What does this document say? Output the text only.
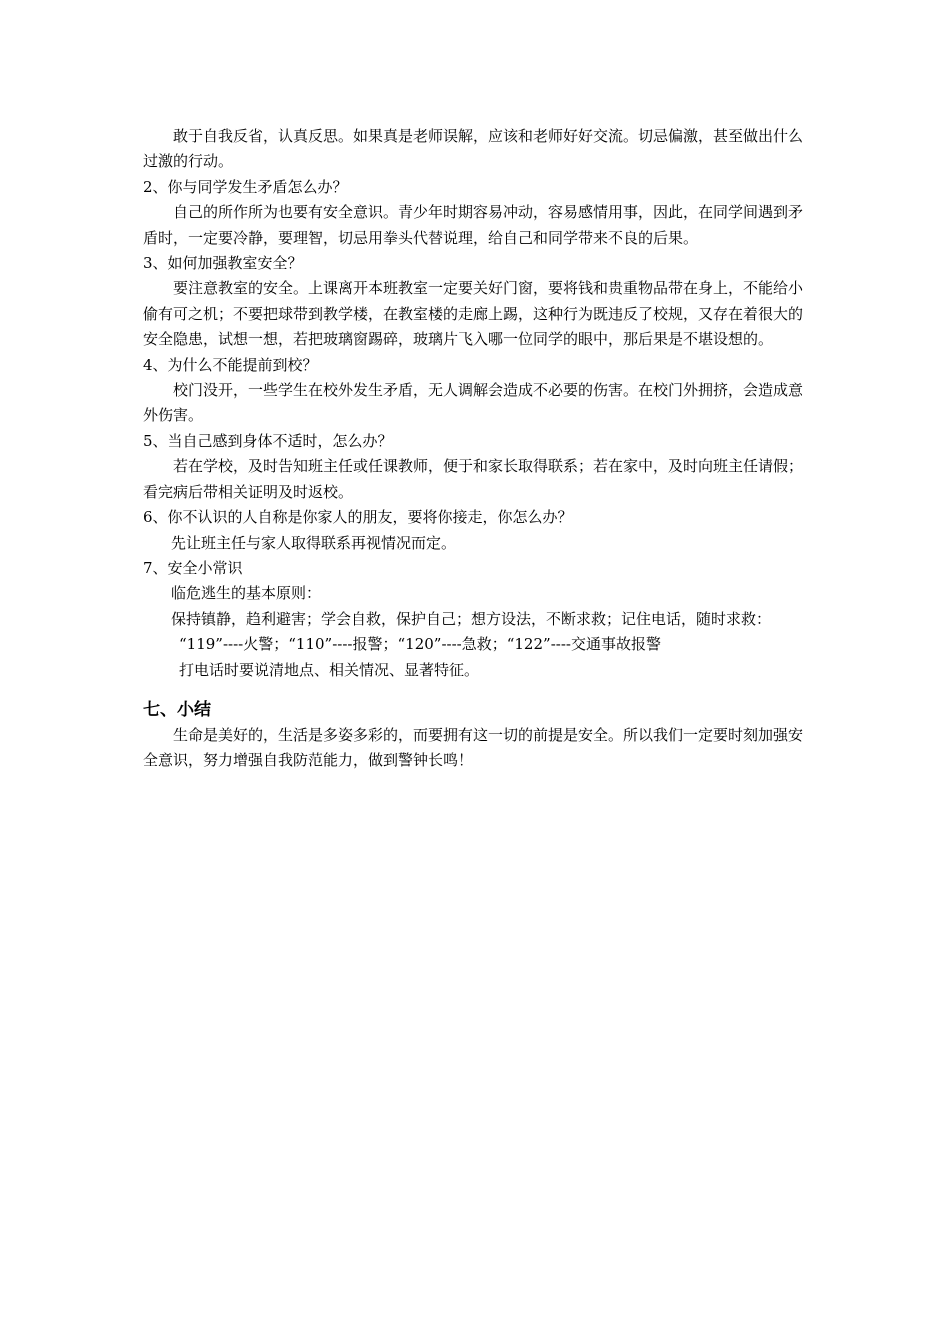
敢于自我反省，认真反思。如果真是老师误解，应该和老师好好交流。切忌偏激，甚至做出什么过激的行动。

2、你与同学发生矛盾怎么办？

自己的所作所为也要有安全意识。青少年时期容易冲动，容易感情用事，因此，在同学间遇到矛盾时，一定要冷静，要理智，切忌用拳头代替说理，给自己和同学带来不良的后果。

3、如何加强教室安全？

要注意教室的安全。上课离开本班教室一定要关好门窗，要将钱和贵重物品带在身上，不能给小偷有可之机；不要把球带到教学楼，在教室楼的走廊上踢，这种行为既违反了校规，又存在着很大的安全隐患，试想一想，若把玻璃窗踢碎，玻璃片飞入哪一位同学的眼中，那后果是不堪设想的。

4、为什么不能提前到校？

校门没开，一些学生在校外发生矛盾，无人调解会造成不必要的伤害。在校门外拥挤，会造成意外伤害。

5、当自己感到身体不适时，怎么办？

若在学校，及时告知班主任或任课教师，便于和家长取得联系；若在家中，及时向班主任请假；看完病后带相关证明及时返校。

6、你不认识的人自称是你家人的朋友，要将你接走，你怎么办？

先让班主任与家人取得联系再视情况而定。

7、安全小常识

临危逃生的基本原则：

保持镇静，趋利避害；学会自救，保护自己；想方设法，不断求救；记住电话，随时求救：

“119”----火警；“110”----报警；“120”----急救；“122”----交通事故报警

打电话时要说清地点、相关情况、显著特征。

七、小结

生命是美好的，生活是多姿多彩的，而要拥有这一切的前提是安全。所以我们一定要时刻加强安全意识，努力增强自我防范能力，做到警钟长鸣！
